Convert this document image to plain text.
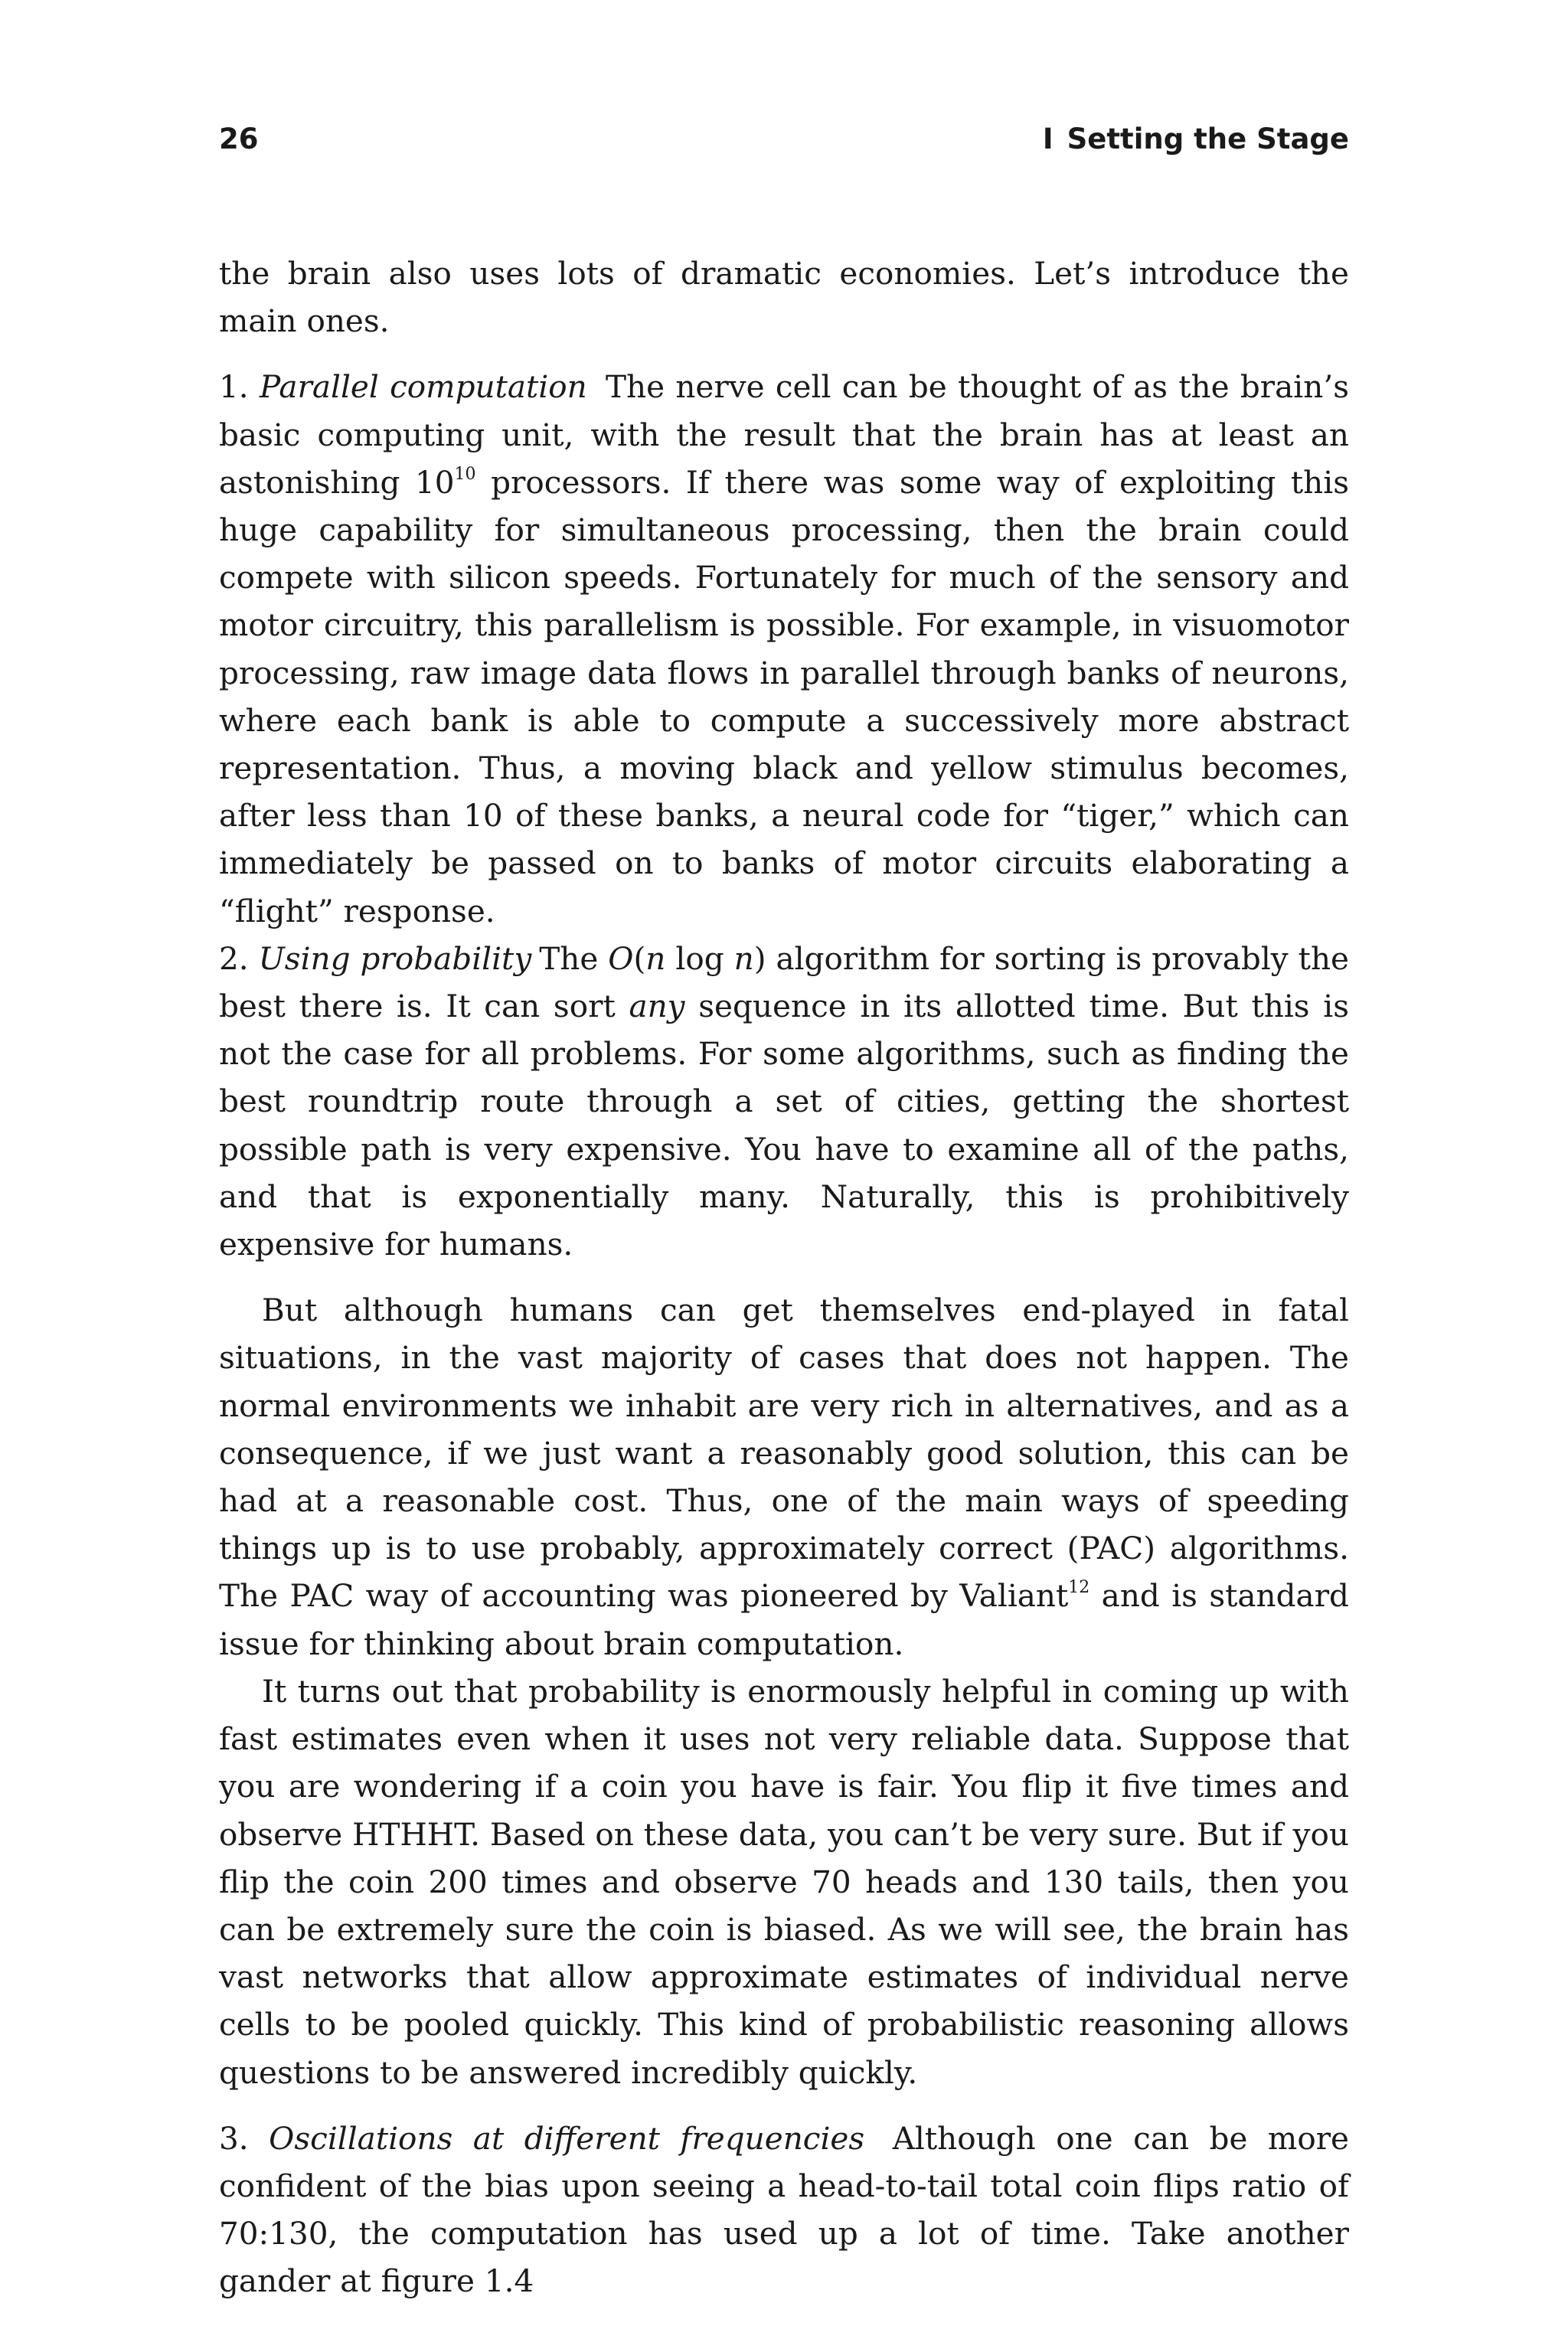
26	I Setting the Stage

the brain also uses lots of dramatic economies. Let’s introduce the main ones.

1. Parallel computation The nerve cell can be thought of as the brain’s basic computing unit, with the result that the brain has at least an astonishing $10^{10}$ processors. If there was some way of exploiting this huge capability for simultaneous processing, then the brain could compete with silicon speeds. Fortunately for much of the sensory and motor circuitry, this parallelism is possible. For example, in visuomotor processing, raw image data flows in parallel through banks of neurons, where each bank is able to compute a successively more abstract representation. Thus, a moving black and yellow stimulus becomes, after less than 10 of these banks, a neural code for “tiger,” which can immediately be passed on to banks of motor circuits elaborating a “flight” response.

2. Using probability The O(n log n) algorithm for sorting is provably the best there is. It can sort any sequence in its allotted time. But this is not the case for all problems. For some algorithms, such as finding the best roundtrip route through a set of cities, getting the shortest possible path is very expensive. You have to examine all of the paths, and that is exponentially many. Naturally, this is prohibitively expensive for humans.

But although humans can get themselves end-played in fatal situations, in the vast majority of cases that does not happen. The normal environments we inhabit are very rich in alternatives, and as a consequence, if we just want a reasonably good solution, this can be had at a reasonable cost. Thus, one of the main ways of speeding things up is to use probably, approximately correct (PAC) algorithms. The PAC way of accounting was pioneered by Valiant$^{12}$ and is standard issue for thinking about brain computation.

It turns out that probability is enormously helpful in coming up with fast estimates even when it uses not very reliable data. Suppose that you are wondering if a coin you have is fair. You flip it five times and observe HTHHT. Based on these data, you can’t be very sure. But if you flip the coin 200 times and observe 70 heads and 130 tails, then you can be extremely sure the coin is biased. As we will see, the brain has vast networks that allow approximate estimates of individual nerve cells to be pooled quickly. This kind of probabilistic reasoning allows questions to be answered incredibly quickly.

3. Oscillations at different frequencies Although one can be more confident of the bias upon seeing a head-to-tail total coin flips ratio of 70:130, the computation has used up a lot of time. Take another gander at figure 1.4
